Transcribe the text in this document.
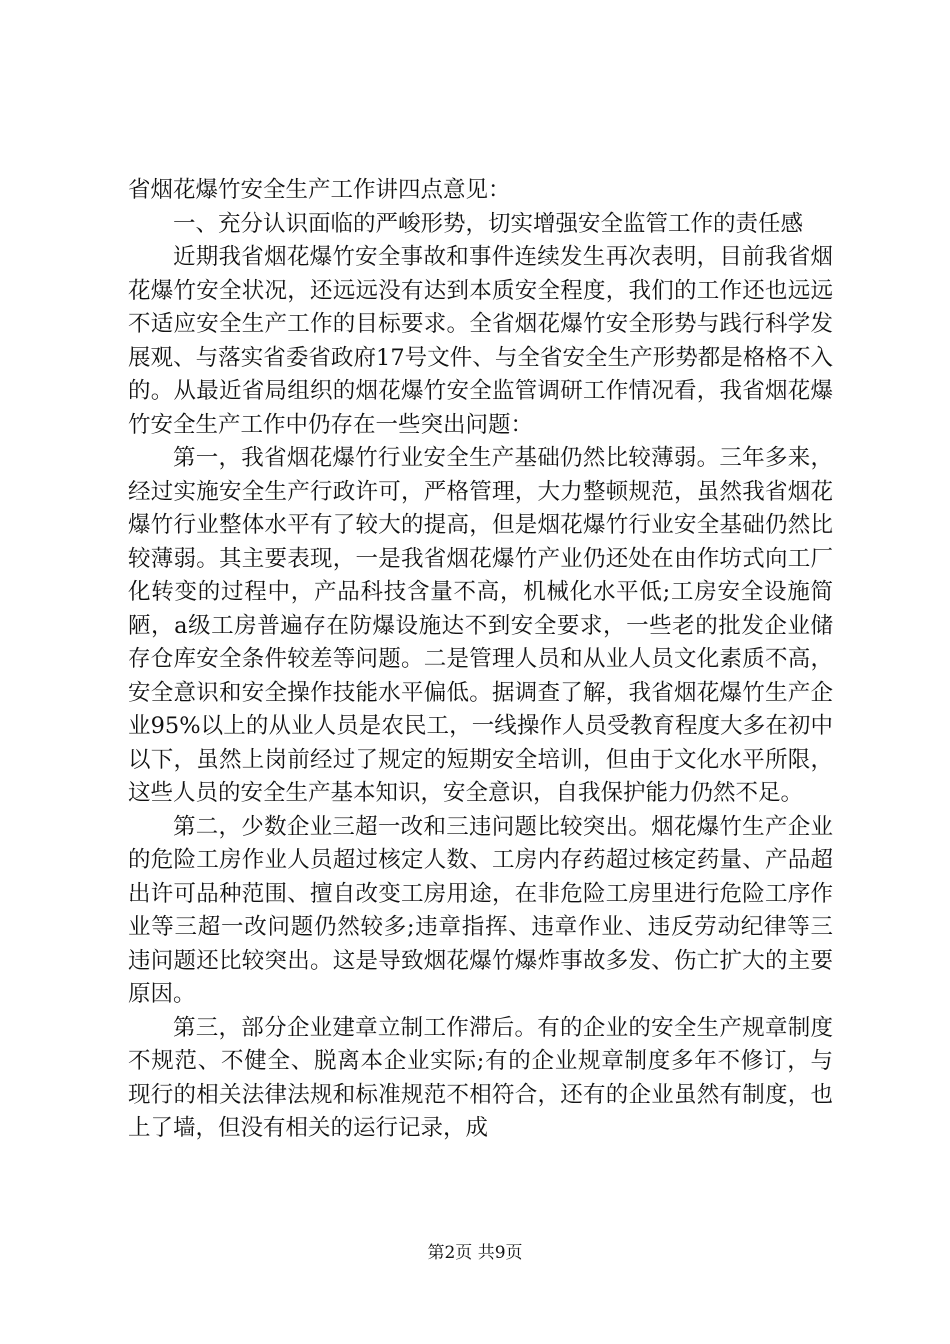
省烟花爆竹安全生产工作讲四点意见：

一、充分认识面临的严峻形势，切实增强安全监管工作的责任感

近期我省烟花爆竹安全事故和事件连续发生再次表明，目前我省烟花爆竹安全状况，还远远没有达到本质安全程度，我们的工作还也远远不适应安全生产工作的目标要求。全省烟花爆竹安全形势与践行科学发展观、与落实省委省政府17号文件、与全省安全生产形势都是格格不入的。从最近省局组织的烟花爆竹安全监管调研工作情况看，我省烟花爆竹安全生产工作中仍存在一些突出问题：

第一，我省烟花爆竹行业安全生产基础仍然比较薄弱。三年多来，经过实施安全生产行政许可，严格管理，大力整顿规范，虽然我省烟花爆竹行业整体水平有了较大的提高，但是烟花爆竹行业安全基础仍然比较薄弱。其主要表现，一是我省烟花爆竹产业仍还处在由作坊式向工厂化转变的过程中，产品科技含量不高，机械化水平低;工房安全设施简陋，a级工房普遍存在防爆设施达不到安全要求，一些老的批发企业储存仓库安全条件较差等问题。二是管理人员和从业人员文化素质不高，安全意识和安全操作技能水平偏低。据调查了解，我省烟花爆竹生产企业95%以上的从业人员是农民工，一线操作人员受教育程度大多在初中以下，虽然上岗前经过了规定的短期安全培训，但由于文化水平所限，这些人员的安全生产基本知识，安全意识，自我保护能力仍然不足。

第二，少数企业三超一改和三违问题比较突出。烟花爆竹生产企业的危险工房作业人员超过核定人数、工房内存药超过核定药量、产品超出许可品种范围、擅自改变工房用途，在非危险工房里进行危险工序作业等三超一改问题仍然较多;违章指挥、违章作业、违反劳动纪律等三违问题还比较突出。这是导致烟花爆竹爆炸事故多发、伤亡扩大的主要原因。

第三，部分企业建章立制工作滞后。有的企业的安全生产规章制度不规范、不健全、脱离本企业实际;有的企业规章制度多年不修订，与现行的相关法律法规和标准规范不相符合，还有的企业虽然有制度，也上了墙，但没有相关的运行记录，成

第2页 共9页
